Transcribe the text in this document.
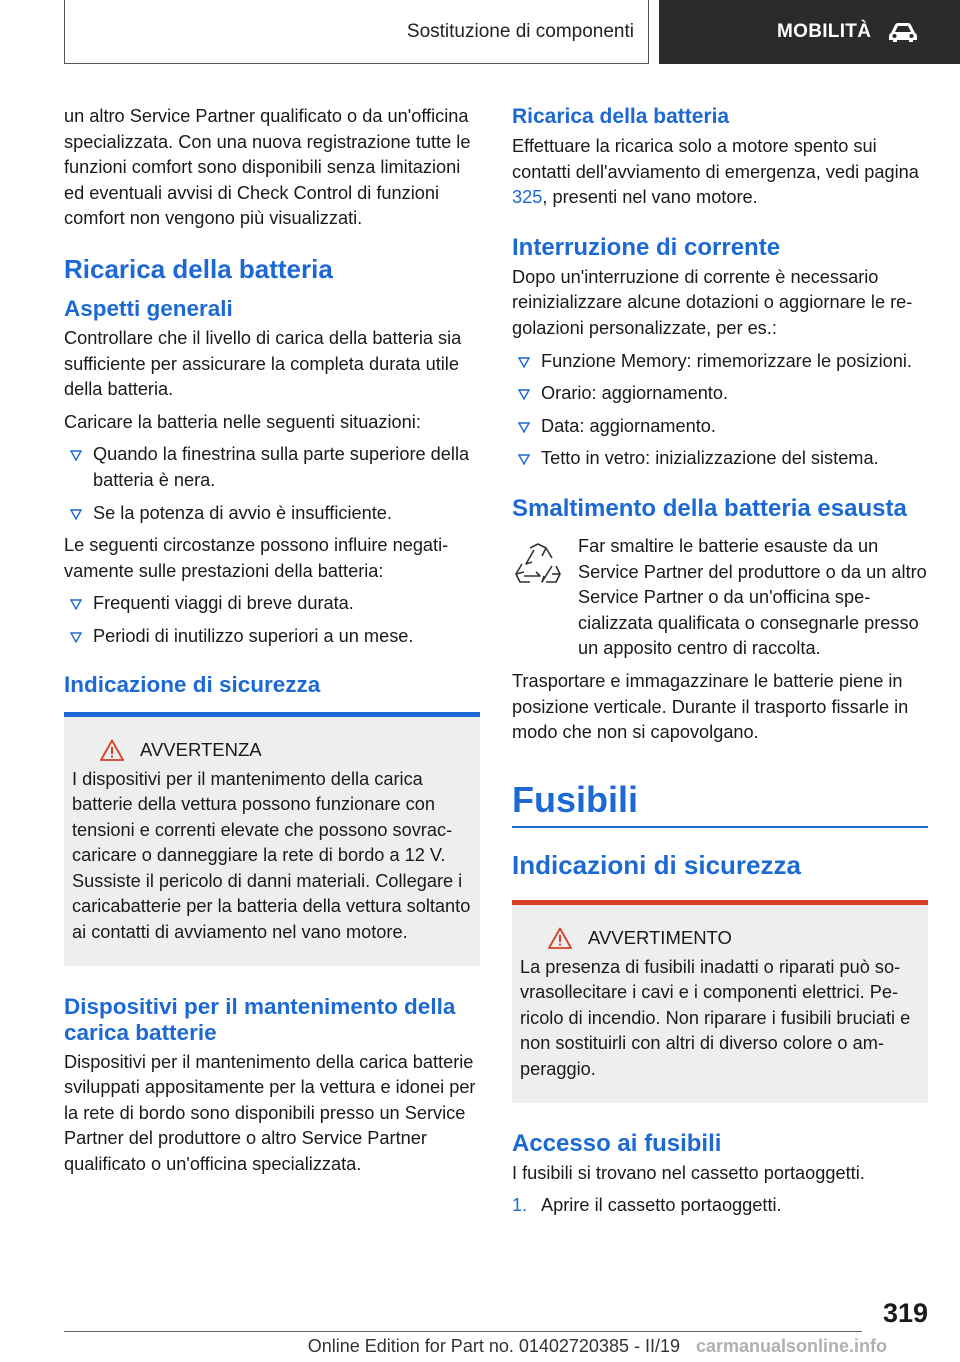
Sostituzione di componenti	MOBILITÀ

un altro Service Partner qualificato o da un'officina specializzata. Con una nuova registrazione tutte le funzioni comfort sono disponibili senza limitazioni ed eventuali avvisi di Check Control di funzioni comfort non vengono più visualizzati.

Ricarica della batteria
Aspetti generali

Controllare che il livello di carica della batteria sia sufficiente per assicurare la completa durata utile della batteria.

Caricare la batteria nelle seguenti situazioni:

Quando la finestrina sulla parte superiore della batteria è nera.
Se la potenza di avvio è insufficiente.

Le seguenti circostanze possono influire negativamente sulle prestazioni della batteria:

Frequenti viaggi di breve durata.
Periodi di inutilizzo superiori a un mese.
Indicazione di sicurezza
AVVERTENZA

I dispositivi per il mantenimento della carica batterie della vettura possono funzionare con tensioni e correnti elevate che possono sovraccaricare o danneggiare la rete di bordo a 12 V. Sussiste il pericolo di danni materiali. Collegare i caricabatterie per la batteria della vettura soltanto ai contatti di avviamento nel vano motore.

Dispositivi per il mantenimento della carica batterie

Dispositivi per il mantenimento della carica batterie sviluppati appositamente per la vettura e idonei per la rete di bordo sono disponibili presso un Service Partner del produttore o altro Service Partner qualificato o un'officina specializzata.

Ricarica della batteria

Effettuare la ricarica solo a motore spento sui contatti dell'avviamento di emergenza, vedi pagina 325, presenti nel vano motore.

Interruzione di corrente

Dopo un'interruzione di corrente è necessario reinizializzare alcune dotazioni o aggiornare le regolazioni personalizzate, per es.:

Funzione Memory: rimemorizzare le posizioni.
Orario: aggiornamento.
Data: aggiornamento.
Tetto in vetro: inizializzazione del sistema.
Smaltimento della batteria esausta

Far smaltire le batterie esauste da un Service Partner del produttore o da un altro Service Partner o da un'officina specializzata qualificata o consegnarle presso un apposito centro di raccolta.

Trasportare e immagazzinare le batterie piene in posizione verticale. Durante il trasporto fissarle in modo che non si capovolgano.

Fusibili
Indicazioni di sicurezza
AVVERTIMENTO

La presenza di fusibili inadatti o riparati può sovrasollecitare i cavi e i componenti elettrici. Pericolo di incendio. Non riparare i fusibili bruciati e non sostituirli con altri di diverso colore o amperaggio.

Accesso ai fusibili

I fusibili si trovano nel cassetto portaoggetti.

1. Aprire il cassetto portaoggetti.
319
Online Edition for Part no. 01402720385 - II/19 carmanualsonline.info
